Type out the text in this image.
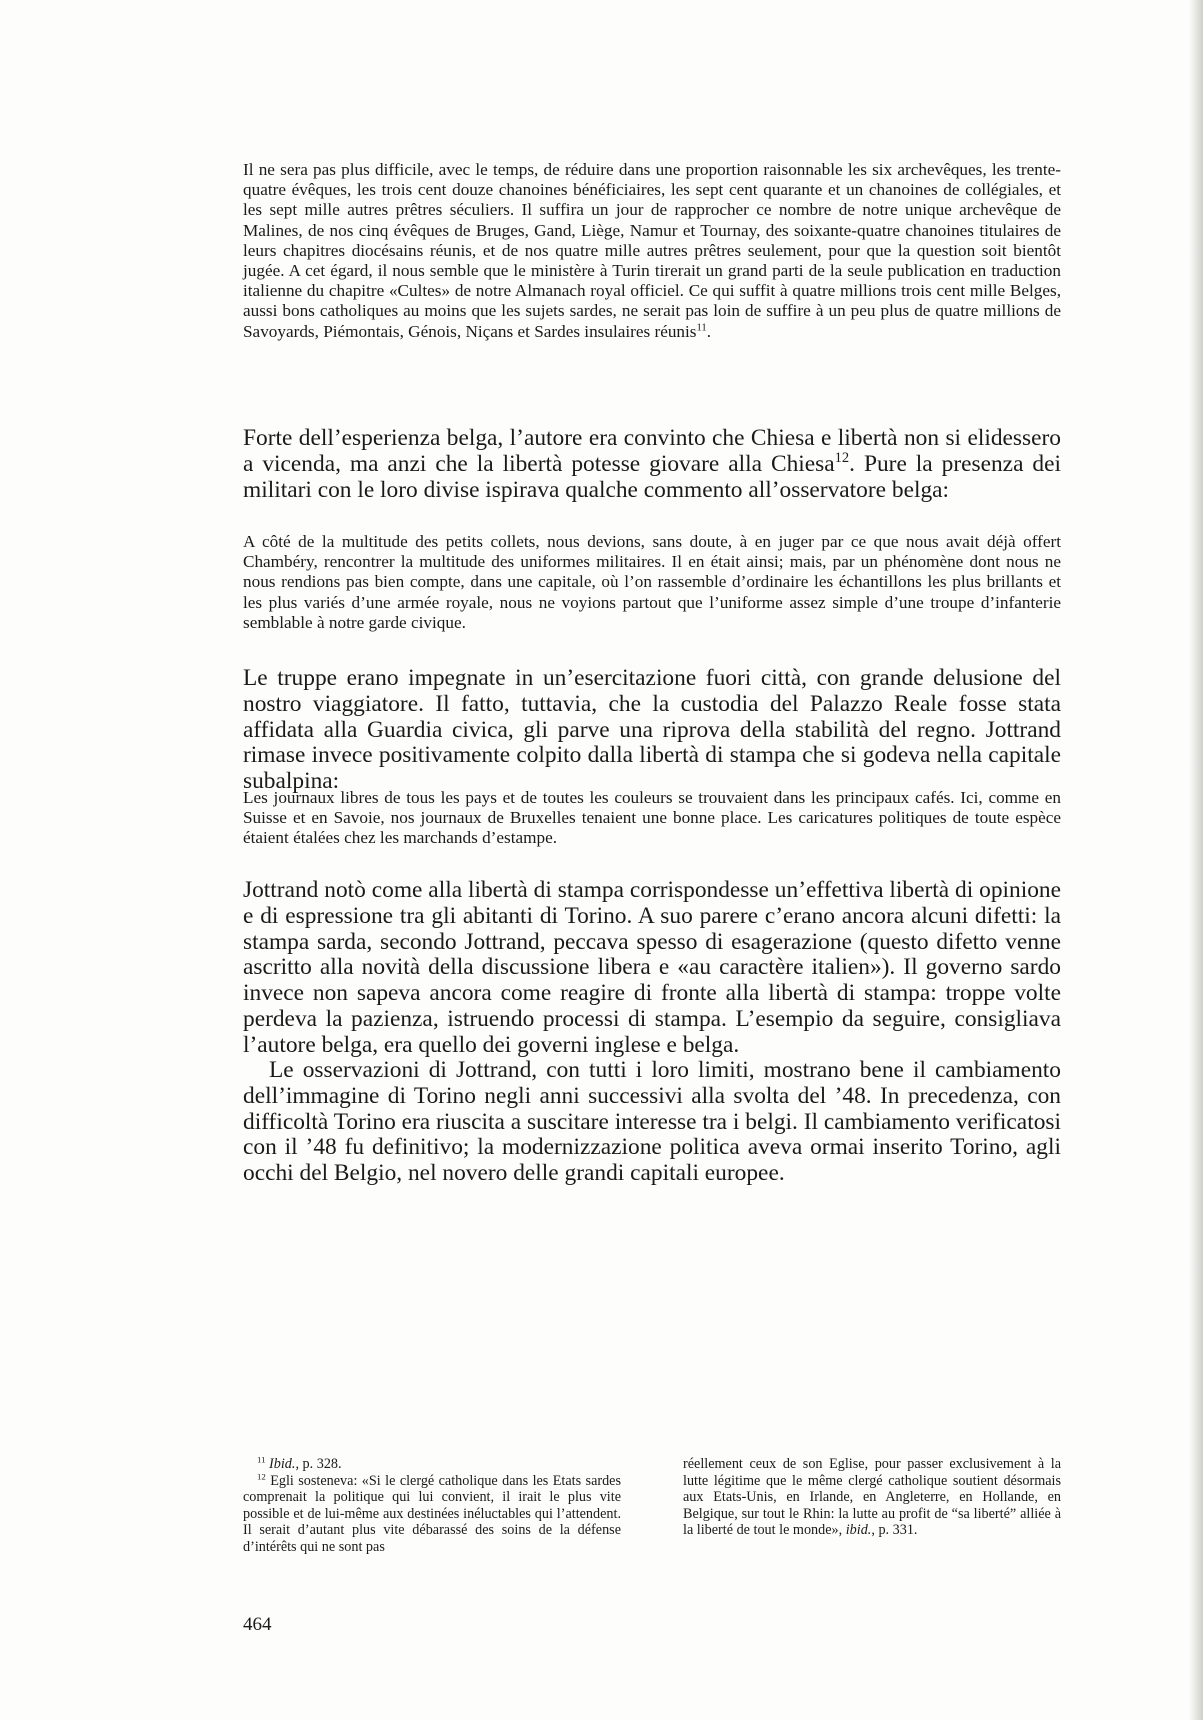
Il ne sera pas plus difficile, avec le temps, de réduire dans une proportion raisonnable les six archevêques, les trente-quatre évêques, les trois cent douze chanoines bénéficiaires, les sept cent quarante et un chanoines de collégiales, et les sept mille autres prêtres séculiers. Il suffira un jour de rapprocher ce nombre de notre unique archevêque de Malines, de nos cinq évêques de Bruges, Gand, Liège, Namur et Tournay, des soixante-quatre chanoines titulaires de leurs chapitres diocésains réunis, et de nos quatre mille autres prêtres seulement, pour que la question soit bientôt jugée. A cet égard, il nous semble que le ministère à Turin tirerait un grand parti de la seule publication en traduction italienne du chapitre «Cultes» de notre Almanach royal officiel. Ce qui suffit à quatre millions trois cent mille Belges, aussi bons catholiques au moins que les sujets sardes, ne serait pas loin de suffire à un peu plus de quatre millions de Savoyards, Piémontais, Génois, Niçans et Sardes insulaires réunis$^{11}$.

Forte dell’esperienza belga, l’autore era convinto che Chiesa e libertà non si elidessero a vicenda, ma anzi che la libertà potesse giovare alla Chiesa$^{12}$. Pure la presenza dei militari con le loro divise ispirava qualche commento all’osservatore belga:

A côté de la multitude des petits collets, nous devions, sans doute, à en juger par ce que nous avait déjà offert Chambéry, rencontrer la multitude des uniformes militaires. Il en était ainsi; mais, par un phénomène dont nous ne nous rendions pas bien compte, dans une capitale, où l’on rassemble d’ordinaire les échantillons les plus brillants et les plus variés d’une armée royale, nous ne voyions partout que l’uniforme assez simple d’une troupe d’infanterie semblable à notre garde civique.

Le truppe erano impegnate in un’esercitazione fuori città, con grande delusione del nostro viaggiatore. Il fatto, tuttavia, che la custodia del Palazzo Reale fosse stata affidata alla Guardia civica, gli parve una riprova della stabilità del regno. Jottrand rimase invece positivamente colpito dalla libertà di stampa che si godeva nella capitale subalpina:

Les journaux libres de tous les pays et de toutes les couleurs se trouvaient dans les principaux cafés. Ici, comme en Suisse et en Savoie, nos journaux de Bruxelles tenaient une bonne place. Les caricatures politiques de toute espèce étaient étalées chez les marchands d’estampe.

Jottrand notò come alla libertà di stampa corrispondesse un’effettiva libertà di opinione e di espressione tra gli abitanti di Torino. A suo parere c’erano ancora alcuni difetti: la stampa sarda, secondo Jottrand, peccava spesso di esagerazione (questo difetto venne ascritto alla novità della discussione libera e «au caractère italien»). Il governo sardo invece non sapeva ancora come reagire di fronte alla libertà di stampa: troppe volte perdeva la pazienza, istruendo processi di stampa. L’esempio da seguire, consigliava l’autore belga, era quello dei governi inglese e belga.

Le osservazioni di Jottrand, con tutti i loro limiti, mostrano bene il cambiamento dell’immagine di Torino negli anni successivi alla svolta del ’48. In precedenza, con difficoltà Torino era riuscita a suscitare interesse tra i belgi. Il cambiamento verificatosi con il ’48 fu definitivo; la modernizzazione politica aveva ormai inserito Torino, agli occhi del Belgio, nel novero delle grandi capitali europee.

$^{11}$ Ibid., p. 328.

$^{12}$ Egli sosteneva: «Si le clergé catholique dans les Etats sardes comprenait la politique qui lui convient, il irait le plus vite possible et de lui-même aux destinées inéluctables qui l’attendent. Il serait d’autant plus vite débarassé des soins de la défense d’intérêts qui ne sont pas

réellement ceux de son Eglise, pour passer exclusivement à la lutte légitime que le même clergé catholique soutient désormais aux Etats-Unis, en Irlande, en Angleterre, en Hollande, en Belgique, sur tout le Rhin: la lutte au profit de “sa liberté” alliée à la liberté de tout le monde», ibid., p. 331.

464
